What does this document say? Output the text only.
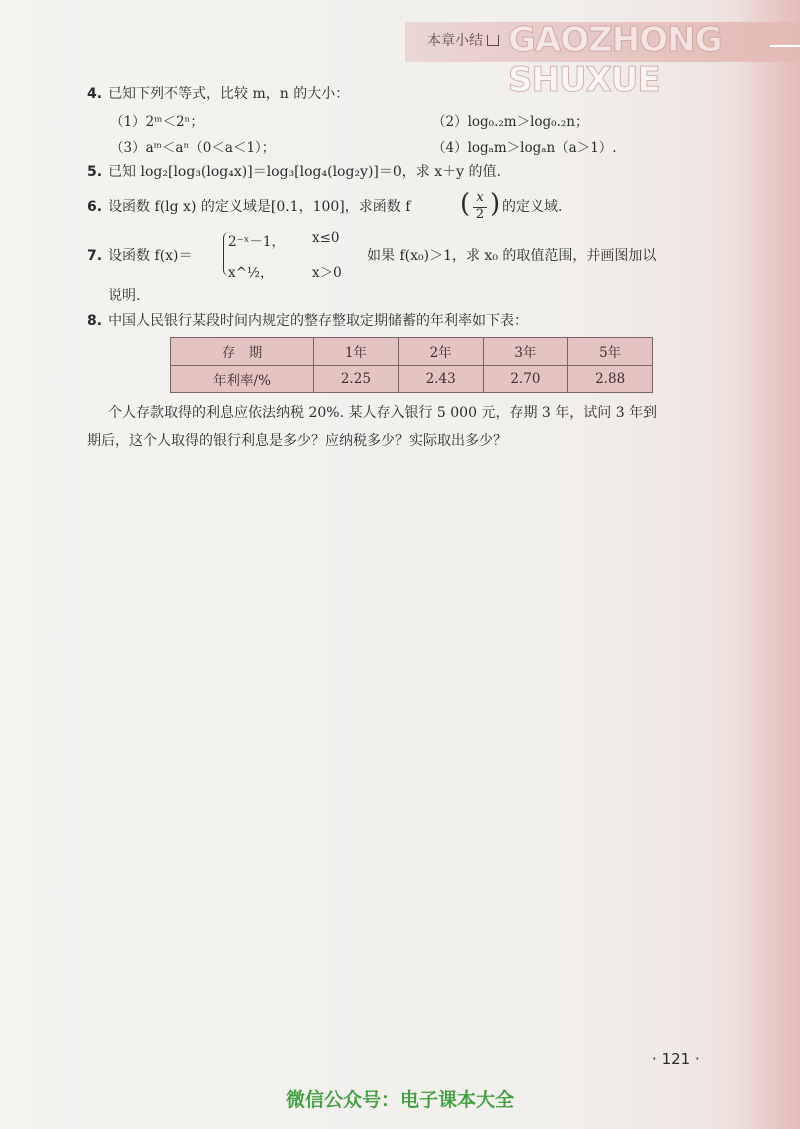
本章小结 GAOZHONG SHUXUE
4. 已知下列不等式，比较 m，n 的大小：
（1）2ᵐ＜2ⁿ；	（2）log₀.₂m＞log₀.₂n；
（3）aᵐ＜aⁿ（0＜a＜1）；	（4）logₐm＞logₐn（a＞1）.
5. 已知 log₂[log₃(log₄x)]＝log₃[log₄(log₂y)]＝0，求 x＋y 的值.
6. 设函数 f(lg x) 的定义域是[0.1，100]，求函数 f ( x
2 ) 的定义域.
7. 设函数 f(x)＝
2⁻ˣ－1， x≤0
x^½，	x＞0
如果 f(x₀)＞1，求 x₀ 的取值范围，并画图加以
说明.
8. 中国人民银行某段时间内规定的整存整取定期储蓄的年利率如下表：
存　期	1年	2年	3年	5年
年利率/%	2.25	2.43	2.70	2.88
个人存款取得的利息应依法纳税 20%. 某人存入银行 5 000 元，存期 3 年，试问 3 年到
期后，这个人取得的银行利息是多少？应纳税多少？实际取出多少？
· 121 ·
微信公众号：电子课本大全
